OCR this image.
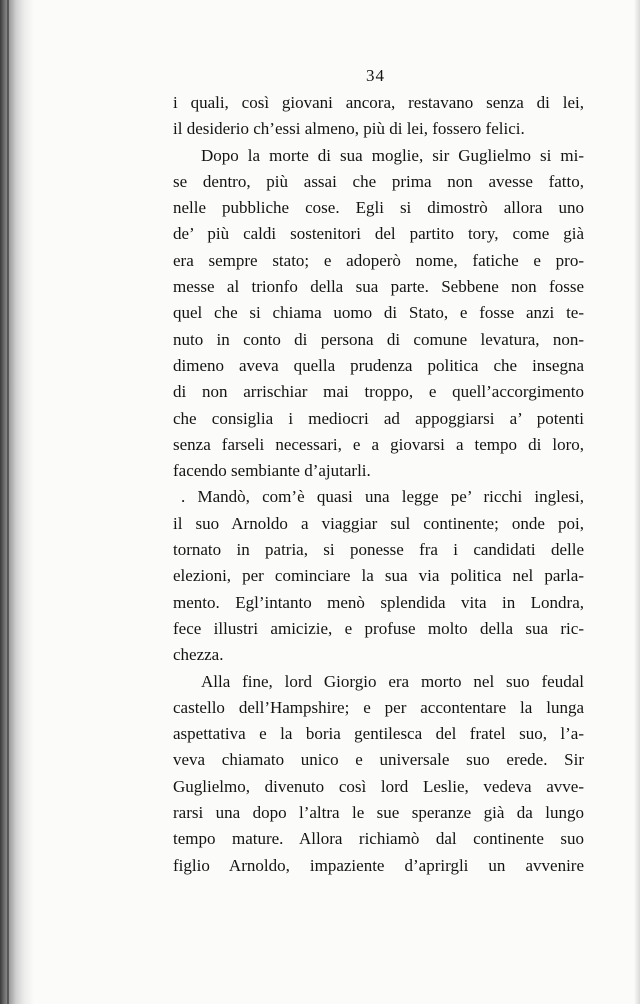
34
i quali, così giovani ancora, restavano senza di lei,
il desiderio ch’essi almeno, più di lei, fossero felici.
Dopo la morte di sua moglie, sir Guglielmo si mi-
se dentro, più assai che prima non avesse fatto,
nelle pubbliche cose. Egli si dimostrò allora uno
de’ più caldi sostenitori del partito tory, come già
era sempre stato; e adoperò nome, fatiche e pro-
messe al trionfo della sua parte. Sebbene non fosse
quel che si chiama uomo di Stato, e fosse anzi te-
nuto in conto di persona di comune levatura, non-
dimeno aveva quella prudenza politica che insegna
di non arrischiar mai troppo, e quell’accorgimento
che consiglia i mediocri ad appoggiarsi a’ potenti
senza farseli necessari, e a giovarsi a tempo di loro,
facendo sembiante d’ajutarli.
. Mandò, com’è quasi una legge pe’ ricchi inglesi,
il suo Arnoldo a viaggiar sul continente; onde poi,
tornato in patria, si ponesse fra i candidati delle
elezioni, per cominciare la sua via politica nel parla-
mento. Egl’intanto menò splendida vita in Londra,
fece illustri amicizie, e profuse molto della sua ric-
chezza.
Alla fine, lord Giorgio era morto nel suo feudal
castello dell’Hampshire; e per accontentare la lunga
aspettativa e la boria gentilesca del fratel suo, l’a-
veva chiamato unico e universale suo erede. Sir
Guglielmo, divenuto così lord Leslie, vedeva avve-
rarsi una dopo l’altra le sue speranze già da lungo
tempo mature. Allora richiamò dal continente suo
figlio Arnoldo, impaziente d’aprirgli un avvenire
